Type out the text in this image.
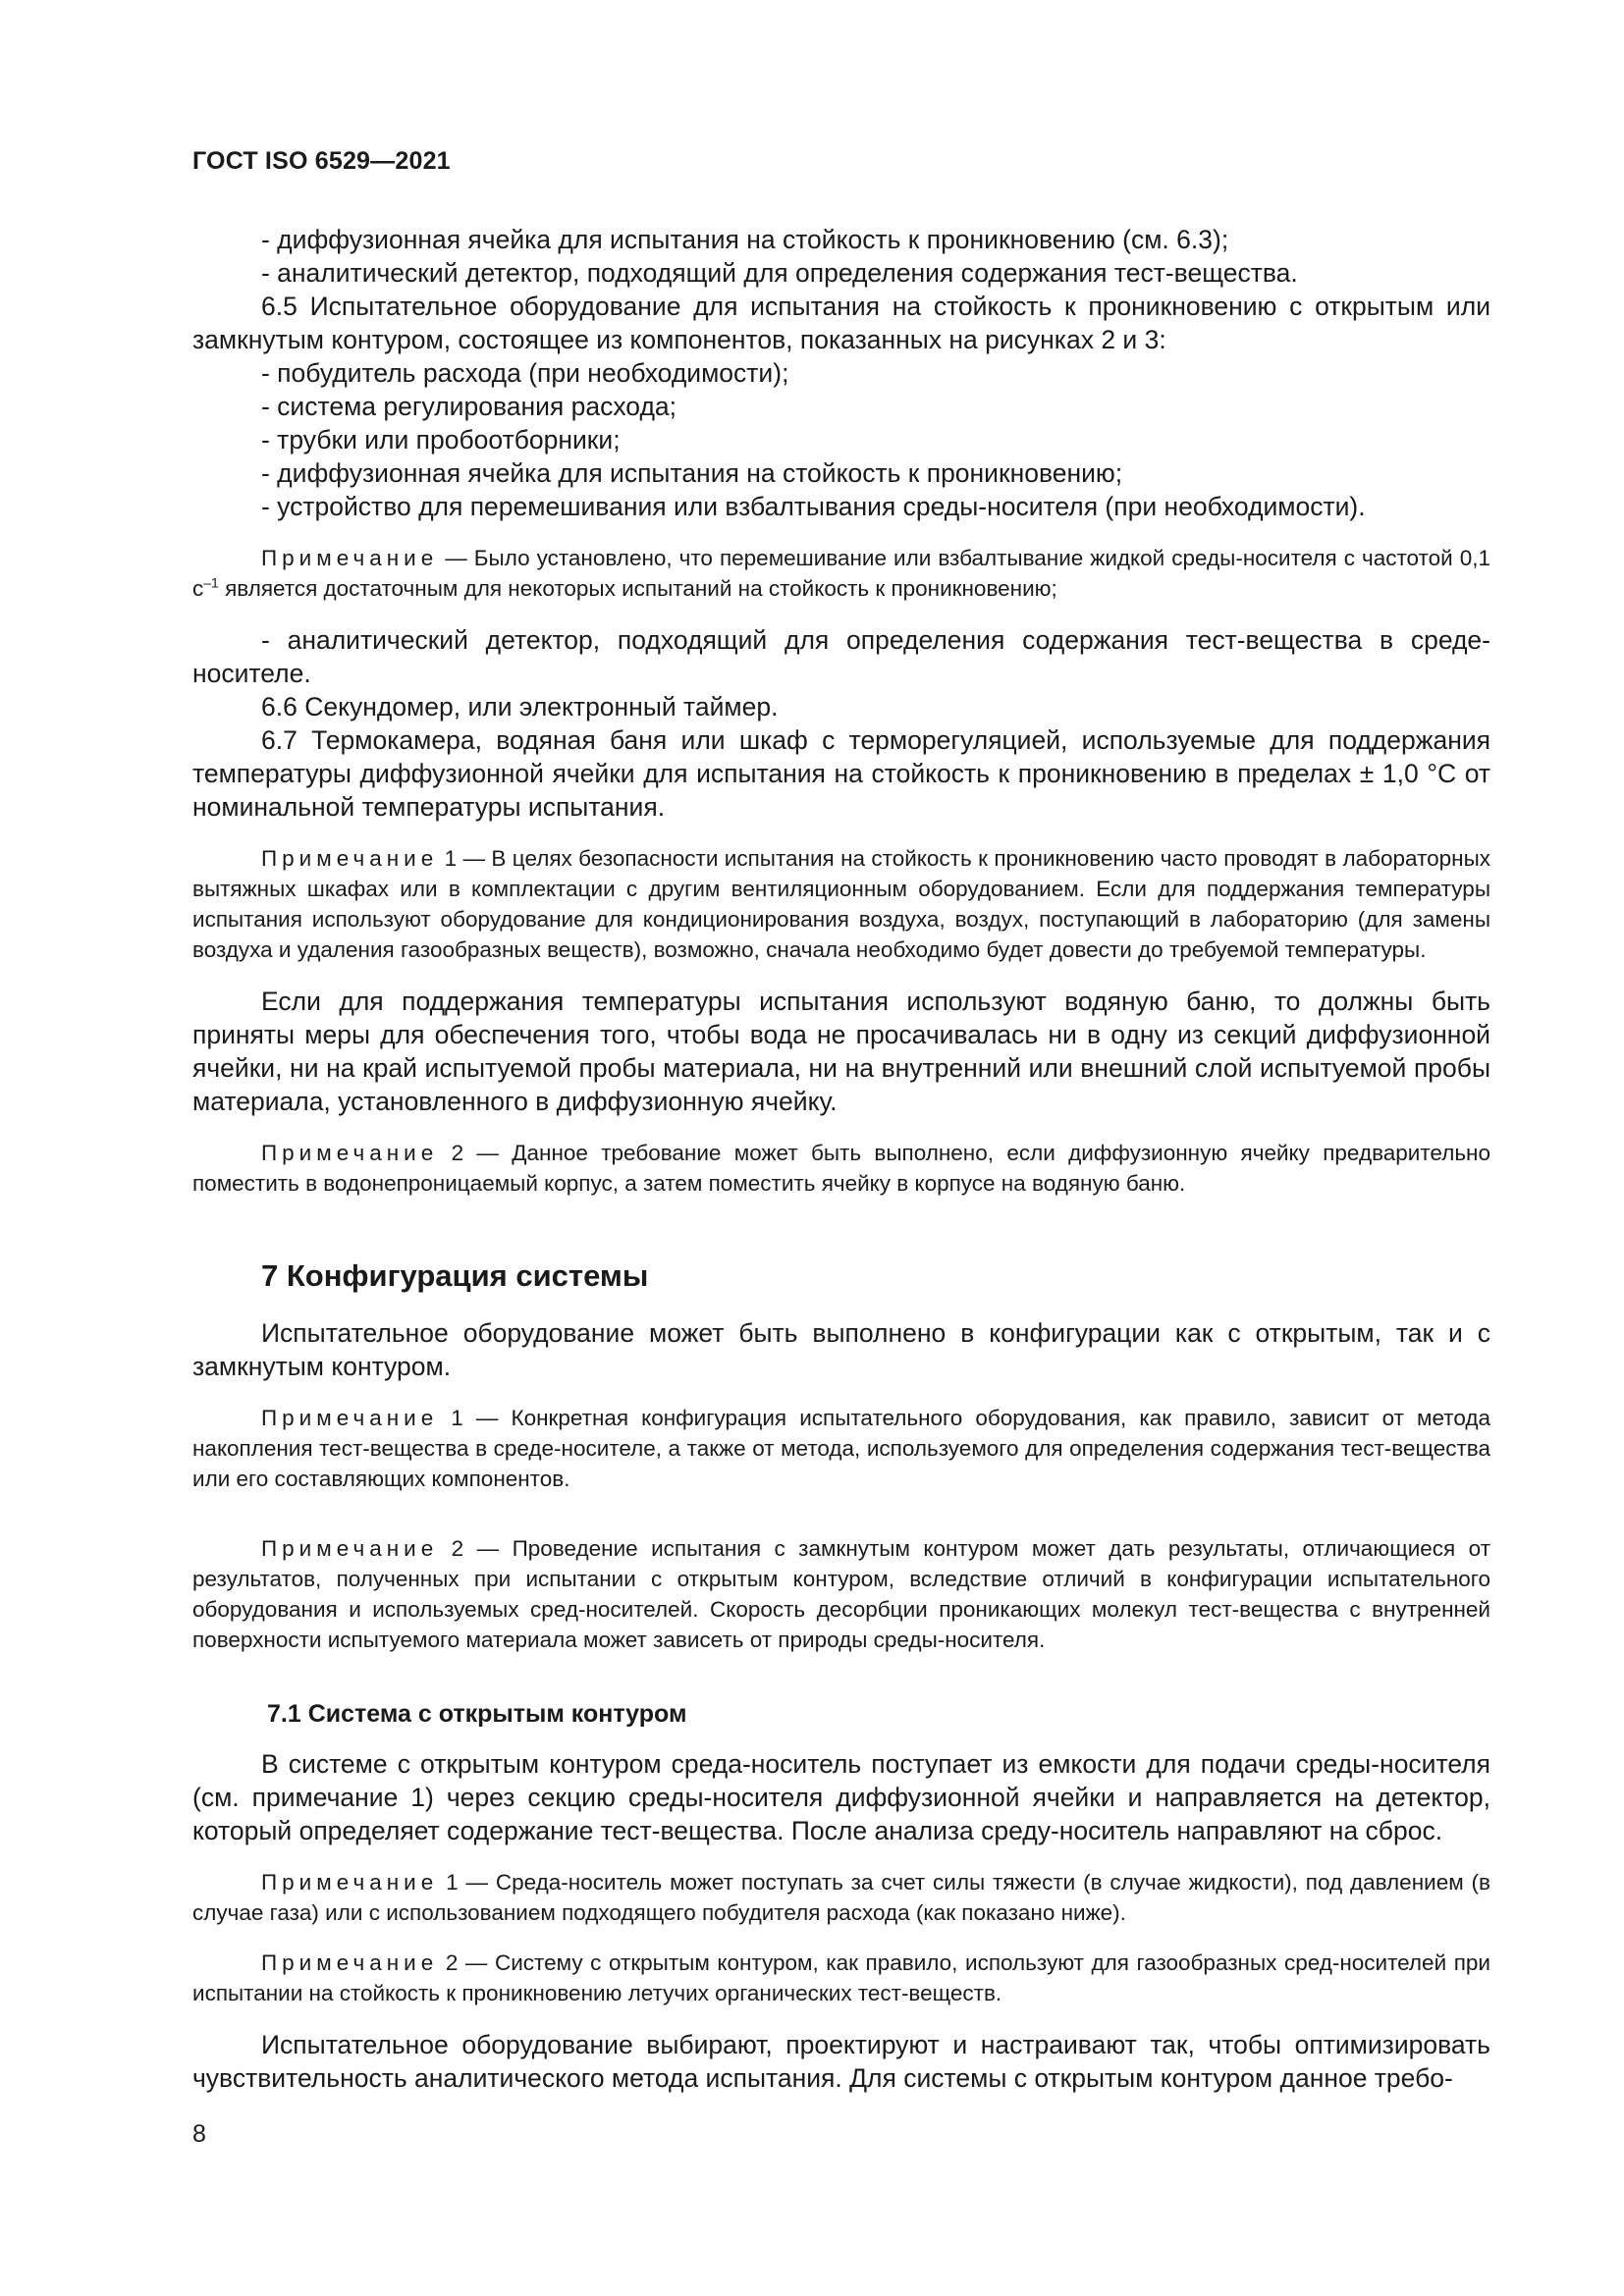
ГОСТ ISO 6529—2021

- диффузионная ячейка для испытания на стойкость к проникновению (см. 6.3);

- аналитический детектор, подходящий для определения содержания тест-вещества.

6.5 Испытательное оборудование для испытания на стойкость к проникновению с открытым или замкнутым контуром, состоящее из компонентов, показанных на рисунках 2 и 3:

- побудитель расхода (при необходимости);

- система регулирования расхода;

- трубки или пробоотборники;

- диффузионная ячейка для испытания на стойкость к проникновению;

- устройство для перемешивания или взбалтывания среды-носителя (при необходимости).

Примечание — Было установлено, что перемешивание или взбалтывание жидкой среды-носителя с частотой 0,1 $с^{-1}$ является достаточным для некоторых испытаний на стойкость к проникновению;

- аналитический детектор, подходящий для определения содержания тест-вещества в среде-носителе.

6.6 Секундомер, или электронный таймер.

6.7 Термокамера, водяная баня или шкаф с терморегуляцией, используемые для поддержания температуры диффузионной ячейки для испытания на стойкость к проникновению в пределах ± 1,0 °С от номинальной температуры испытания.

Примечание 1 — В целях безопасности испытания на стойкость к проникновению часто проводят в лабораторных вытяжных шкафах или в комплектации с другим вентиляционным оборудованием. Если для поддержания температуры испытания используют оборудование для кондиционирования воздуха, воздух, поступающий в лабораторию (для замены воздуха и удаления газообразных веществ), возможно, сначала необходимо будет довести до требуемой температуры.

Если для поддержания температуры испытания используют водяную баню, то должны быть приняты меры для обеспечения того, чтобы вода не просачивалась ни в одну из секций диффузионной ячейки, ни на край испытуемой пробы материала, ни на внутренний или внешний слой испытуемой пробы материала, установленного в диффузионную ячейку.

Примечание 2 — Данное требование может быть выполнено, если диффузионную ячейку предварительно поместить в водонепроницаемый корпус, а затем поместить ячейку в корпусе на водяную баню.

7 Конфигурация системы

Испытательное оборудование может быть выполнено в конфигурации как с открытым, так и с замкнутым контуром.

Примечание 1 — Конкретная конфигурация испытательного оборудования, как правило, зависит от метода накопления тест-вещества в среде-носителе, а также от метода, используемого для определения содержания тест-вещества или его составляющих компонентов.

Примечание 2 — Проведение испытания с замкнутым контуром может дать результаты, отличающиеся от результатов, полученных при испытании с открытым контуром, вследствие отличий в конфигурации испытательного оборудования и используемых сред-носителей. Скорость десорбции проникающих молекул тест-вещества с внутренней поверхности испытуемого материала может зависеть от природы среды-носителя.

7.1 Система с открытым контуром

В системе с открытым контуром среда-носитель поступает из емкости для подачи среды-носителя (см. примечание 1) через секцию среды-носителя диффузионной ячейки и направляется на детектор, который определяет содержание тест-вещества. После анализа среду-носитель направляют на сброс.

Примечание 1 — Среда-носитель может поступать за счет силы тяжести (в случае жидкости), под давлением (в случае газа) или с использованием подходящего побудителя расхода (как показано ниже).

Примечание 2 — Систему с открытым контуром, как правило, используют для газообразных сред-носителей при испытании на стойкость к проникновению летучих органических тест-веществ.

Испытательное оборудование выбирают, проектируют и настраивают так, чтобы оптимизировать чувствительность аналитического метода испытания. Для системы с открытым контуром данное требо-

8
